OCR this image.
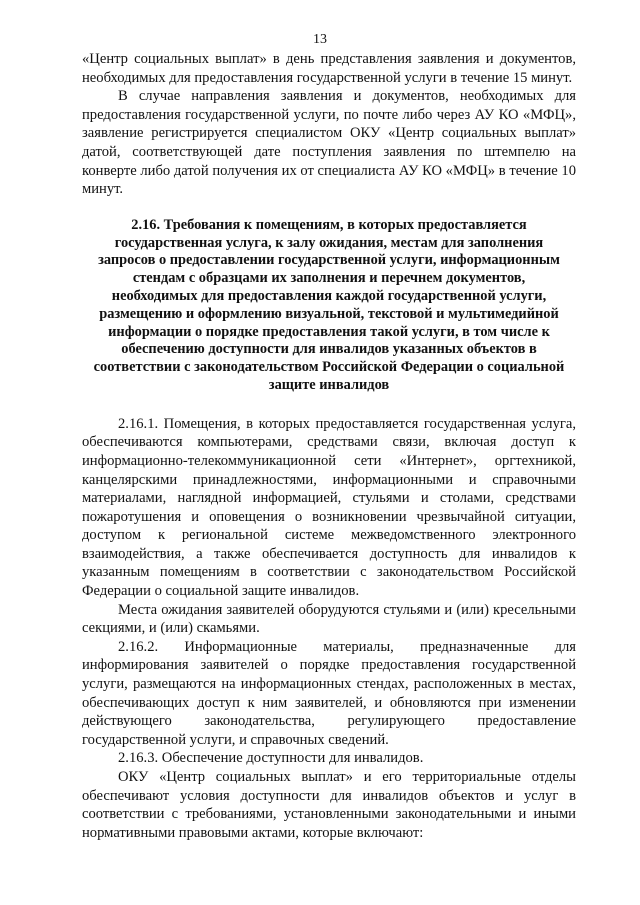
13

«Центр социальных выплат» в день представления заявления и документов, необходимых для предоставления государственной услуги в течение 15 минут.

В случае направления заявления и документов, необходимых для предоставления государственной услуги, по почте либо через АУ КО «МФЦ», заявление регистрируется специалистом ОКУ «Центр социальных выплат» датой, соответствующей дате поступления заявления по штемпелю на конверте либо датой получения их от специалиста АУ КО «МФЦ» в течение 10 минут.

2.16. Требования к помещениям, в которых предоставляется государственная услуга, к залу ожидания, местам для заполнения запросов о предоставлении государственной услуги, информационным стендам с образцами их заполнения и перечнем документов, необходимых для предоставления каждой государственной услуги, размещению и оформлению визуальной, текстовой и мультимедийной информации о порядке предоставления такой услуги, в том числе к обеспечению доступности для инвалидов указанных объектов в соответствии с законодательством Российской Федерации о социальной защите инвалидов

2.16.1. Помещения, в которых предоставляется государственная услуга, обеспечиваются компьютерами, средствами связи, включая доступ к информационно-телекоммуникационной сети «Интернет», оргтехникой, канцелярскими принадлежностями, информационными и справочными материалами, наглядной информацией, стульями и столами, средствами пожаротушения и оповещения о возникновении чрезвычайной ситуации, доступом к региональной системе межведомственного электронного взаимодействия, а также обеспечивается доступность для инвалидов к указанным помещениям в соответствии с законодательством Российской Федерации о социальной защите инвалидов.

Места ожидания заявителей оборудуются стульями и (или) кресельными секциями, и (или) скамьями.

2.16.2. Информационные материалы, предназначенные для информирования заявителей о порядке предоставления государственной услуги, размещаются на информационных стендах, расположенных в местах, обеспечивающих доступ к ним заявителей, и обновляются при изменении действующего законодательства, регулирующего предоставление государственной услуги, и справочных сведений.

2.16.3. Обеспечение доступности для инвалидов.

ОКУ «Центр социальных выплат» и его территориальные отделы обеспечивают условия доступности для инвалидов объектов и услуг в соответствии с требованиями, установленными законодательными и иными нормативными правовыми актами, которые включают:
